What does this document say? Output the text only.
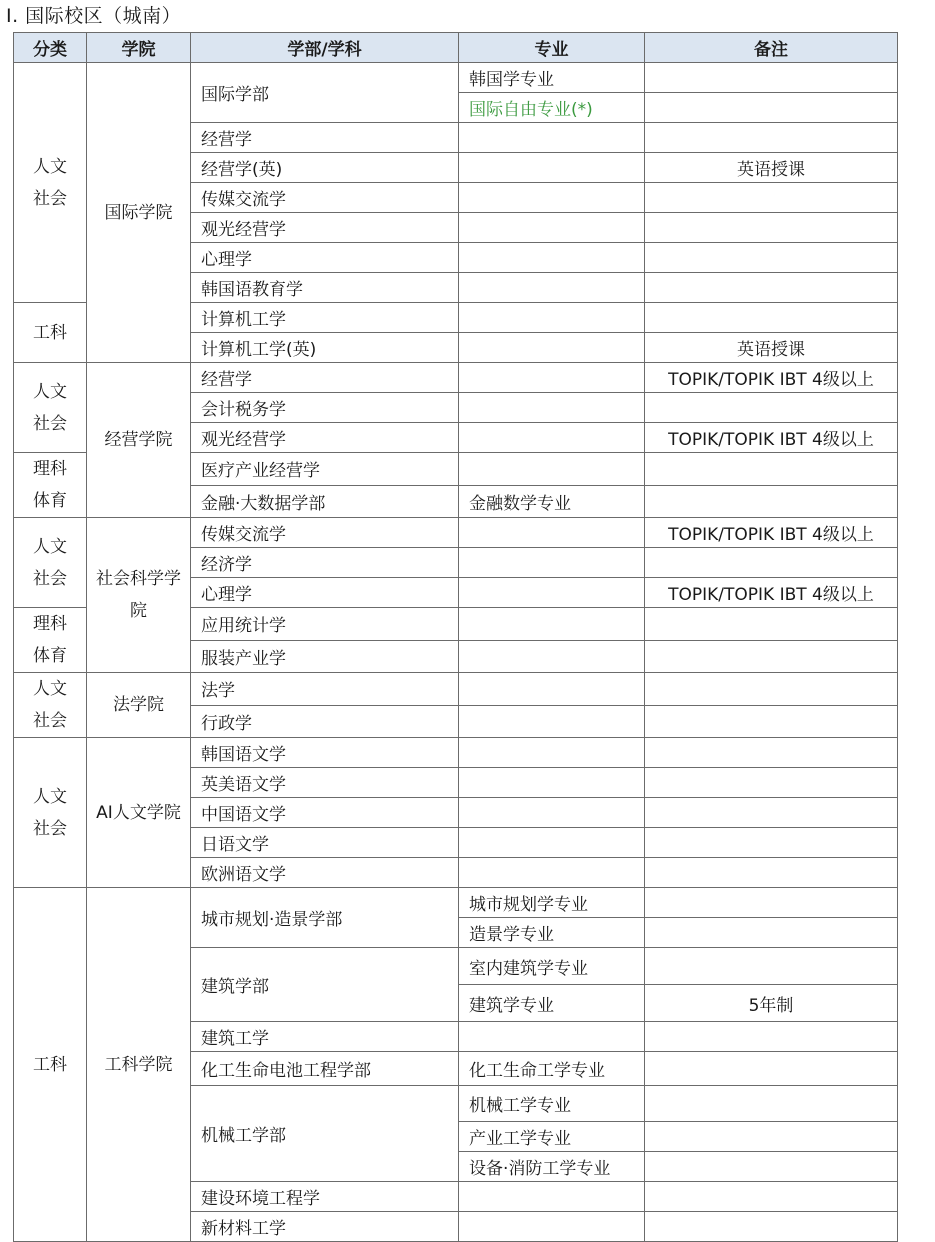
Ⅰ. 国际校区（城南）
分类	学院	学部/学科	专业	备注
人文社会	国际学院	国际学部	韩国学专业	
			国际自由专业(*)	
		经营学		
		经营学(英)		英语授课
		传媒交流学		
		观光经营学		
		心理学		
		韩国语教育学		
工科		计算机工学		
		计算机工学(英)		英语授课
人文社会	经营学院	经营学		TOPIK/TOPIK IBT 4级以上
		会计税务学		
		观光经营学		TOPIK/TOPIK IBT 4级以上
理科体育		医疗产业经营学		
		金融·大数据学部	金融数学专业	
人文社会	社会科学学院	传媒交流学		TOPIK/TOPIK IBT 4级以上
		经济学		
		心理学		TOPIK/TOPIK IBT 4级以上
理科体育		应用统计学		
		服装产业学		
人文社会	法学院	法学		
		行政学		
人文社会	AI人文学院	韩国语文学		
		英美语文学		
		中国语文学		
		日语文学		
		欧洲语文学		
工科	工科学院	城市规划·造景学部	城市规划学专业	
			造景学专业	
		建筑学部	室内建筑学专业	
			建筑学专业	5年制
		建筑工学		
		化工生命电池工程学部	化工生命工学专业	
		机械工学部	机械工学专业	
			产业工学专业	
			设备·消防工学专业	
		建设环境工程学		
		新材料工学		
